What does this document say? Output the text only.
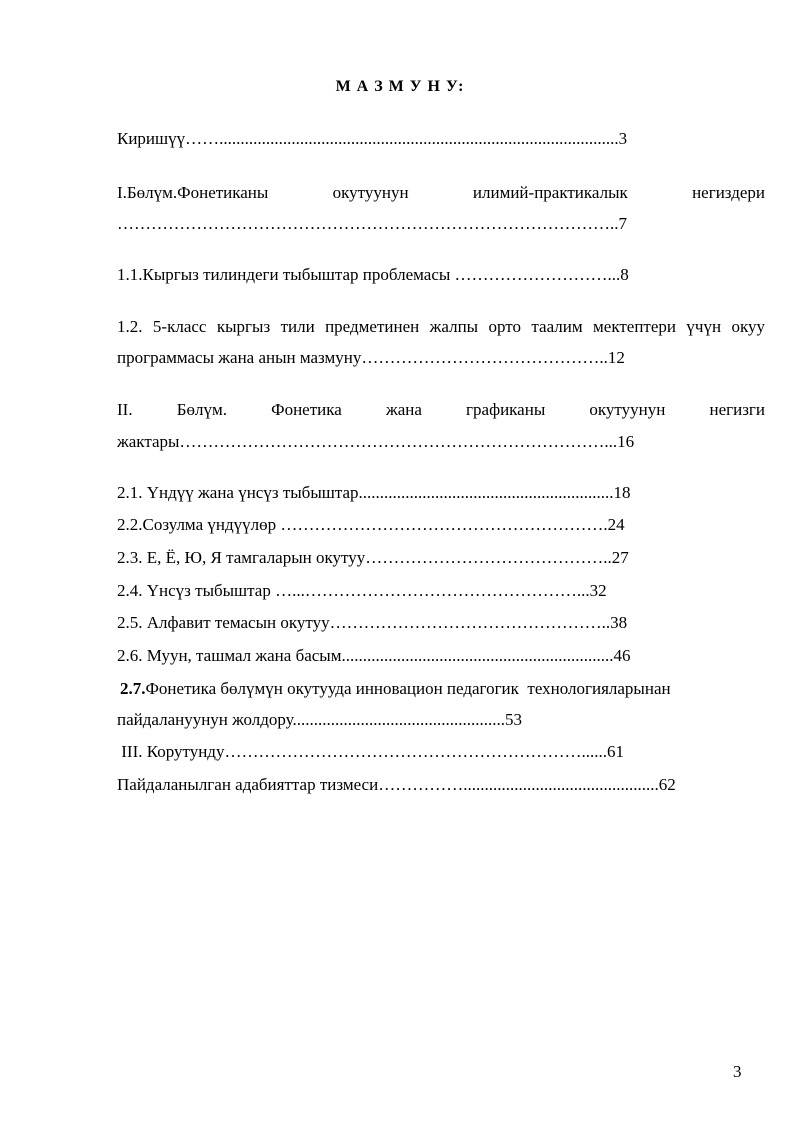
М А З М У Н У:
Киришүү……..............................................................................................3
I.Бөлүм.Фонетиканы окутуунун илимий-практикалык негиздери
……………………………………………………………………………..7
1.1.Кыргыз тилиндеги тыбыштар проблемасы ………………………...8
1.2. 5-класс кыргыз тили предметинен жалпы орто таалим мектептери үчүн окуу
программасы жана анын мазмуну……………………………………..12
II. Бөлүм. Фонетика жана графиканы окутуунун негизги
жактары…………………………………………………………………...16
2.1. Үндүү жана үнсүз тыбыштар............................................................18
2.2.Созулма үндүүлөр ………………………………………………….24
2.3. Е, Ё, Ю, Я тамгаларын окутуу……………………………………..27
2.4. Үнсүз тыбыштар …...…………………………………………...32
2.5. Алфавит темасын окутуу…………………………………………..38
2.6. Муун, ташмал жана басым................................................................46
2.7.Фонетика бөлүмүн окутууда инновацион педагогик  технологияларынан
пайдалануунун жолдору..................................................53
III. Корутунду………………………………………………………......61
Пайдаланылган адабияттар тизмеси……………..............................................62
3
